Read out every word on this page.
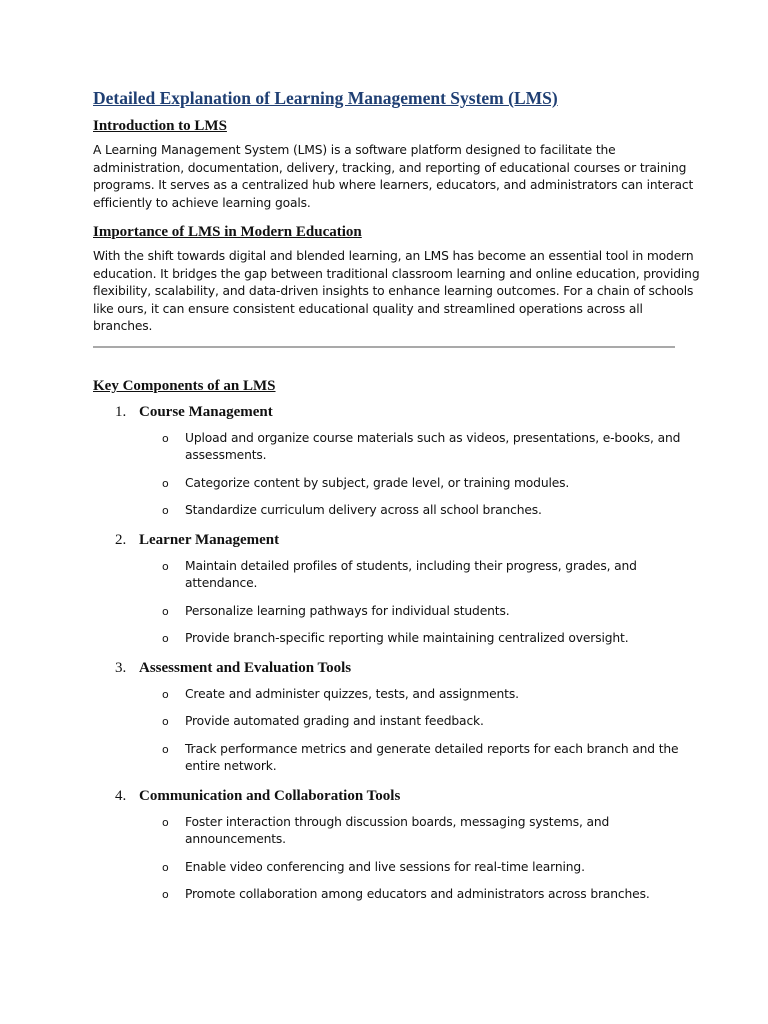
Detailed Explanation of Learning Management System (LMS)
Introduction to LMS

A Learning Management System (LMS) is a software platform designed to facilitate the
administration, documentation, delivery, tracking, and reporting of educational courses or training
programs. It serves as a centralized hub where learners, educators, and administrators can interact
efficiently to achieve learning goals.

Importance of LMS in Modern Education

With the shift towards digital and blended learning, an LMS has become an essential tool in modern
education. It bridges the gap between traditional classroom learning and online education, providing
flexibility, scalability, and data-driven insights to enhance learning outcomes. For a chain of schools
like ours, it can ensure consistent educational quality and streamlined operations across all
branches.

Key Components of an LMS
1. Course Management
o Upload and organize course materials such as videos, presentations, e-books, and
assessments.
o Categorize content by subject, grade level, or training modules.
o Standardize curriculum delivery across all school branches.
2. Learner Management
o Maintain detailed profiles of students, including their progress, grades, and
attendance.
o Personalize learning pathways for individual students.
o Provide branch-specific reporting while maintaining centralized oversight.
3. Assessment and Evaluation Tools
o Create and administer quizzes, tests, and assignments.
o Provide automated grading and instant feedback.
o Track performance metrics and generate detailed reports for each branch and the
entire network.
4. Communication and Collaboration Tools
o Foster interaction through discussion boards, messaging systems, and
announcements.
o Enable video conferencing and live sessions for real-time learning.
o Promote collaboration among educators and administrators across branches.
